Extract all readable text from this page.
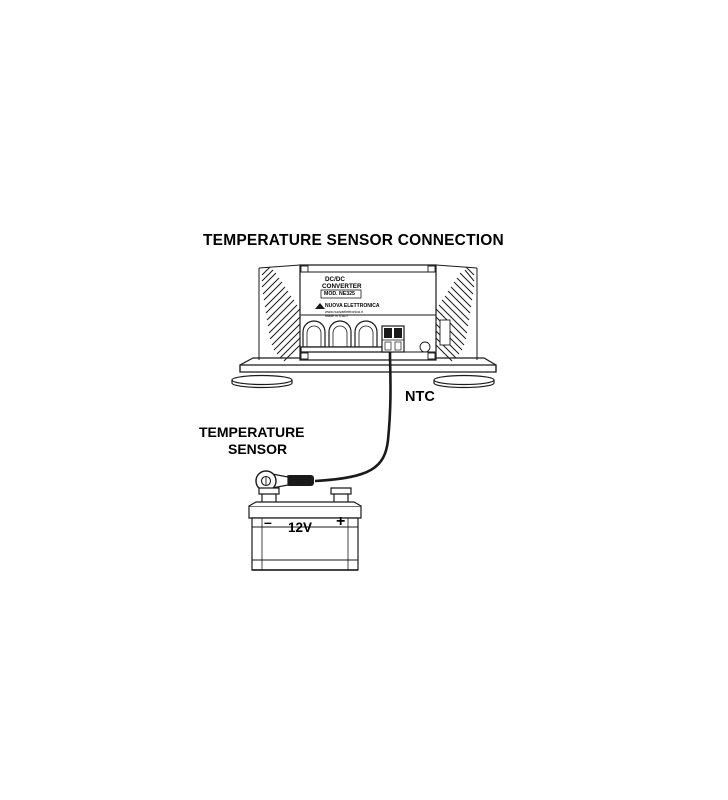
TEMPERATURE SENSOR CONNECTION
NTC
TEMPERATURE
SENSOR
DC/DC
CONVERTER
MOD. NE325
NUOVA ELETTRONICA
www.nuovaelettronica.it
Made in ITALY
– 12V +
